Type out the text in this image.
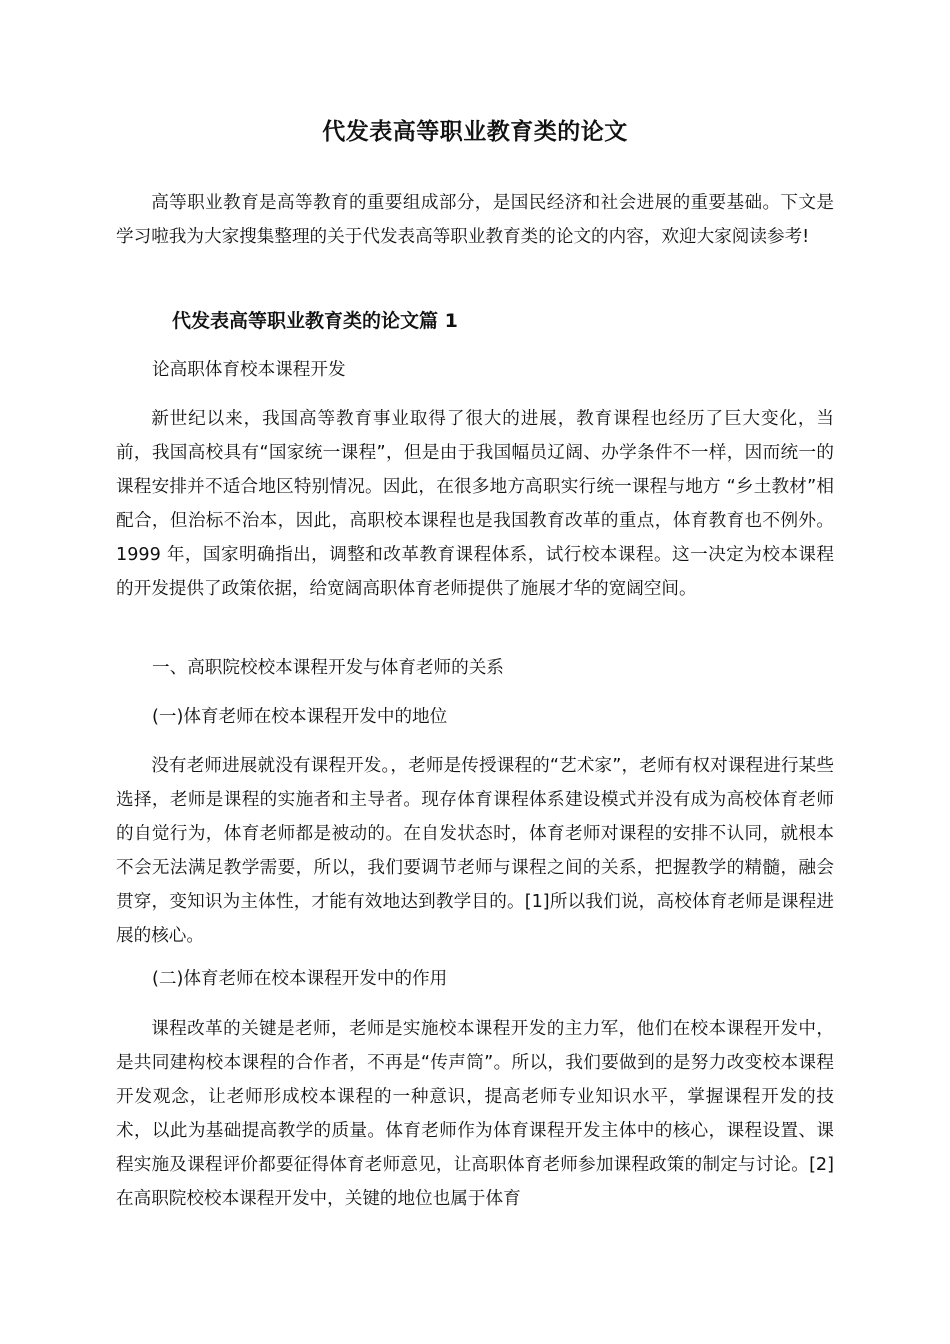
代发表高等职业教育类的论文

高等职业教育是高等教育的重要组成部分，是国民经济和社会进展的重要基础。下文是学习啦我为大家搜集整理的关于代发表高等职业教育类的论文的内容，欢迎大家阅读参考!

代发表高等职业教育类的论文篇 1

论高职体育校本课程开发

新世纪以来，我国高等教育事业取得了很大的进展，教育课程也经历了巨大变化，当前，我国高校具有“国家统一课程”，但是由于我国幅员辽阔、办学条件不一样，因而统一的课程安排并不适合地区特别情况。因此，在很多地方高职实行统一课程与地方 “乡土教材”相配合，但治标不治本，因此，高职校本课程也是我国教育改革的重点，体育教育也不例外。1999 年，国家明确指出，调整和改革教育课程体系，试行校本课程。这一决定为校本课程的开发提供了政策依据，给宽阔高职体育老师提供了施展才华的宽阔空间。

一、高职院校校本课程开发与体育老师的关系

(一)体育老师在校本课程开发中的地位

没有老师进展就没有课程开发。，老师是传授课程的“艺术家”，老师有权对课程进行某些选择，老师是课程的实施者和主导者。现存体育课程体系建设模式并没有成为高校体育老师的自觉行为，体育老师都是被动的。在自发状态时，体育老师对课程的安排不认同，就根本不会无法满足教学需要，所以，我们要调节老师与课程之间的关系，把握教学的精髓，融会贯穿，变知识为主体性，才能有效地达到教学目的。[1]所以我们说，高校体育老师是课程进展的核心。

(二)体育老师在校本课程开发中的作用

课程改革的关键是老师，老师是实施校本课程开发的主力军，他们在校本课程开发中，是共同建构校本课程的合作者，不再是“传声筒”。所以，我们要做到的是努力改变校本课程开发观念，让老师形成校本课程的一种意识，提高老师专业知识水平，掌握课程开发的技术，以此为基础提高教学的质量。体育老师作为体育课程开发主体中的核心，课程设置、课程实施及课程评价都要征得体育老师意见，让高职体育老师参加课程政策的制定与讨论。[2]在高职院校校本课程开发中，关键的地位也属于体育
